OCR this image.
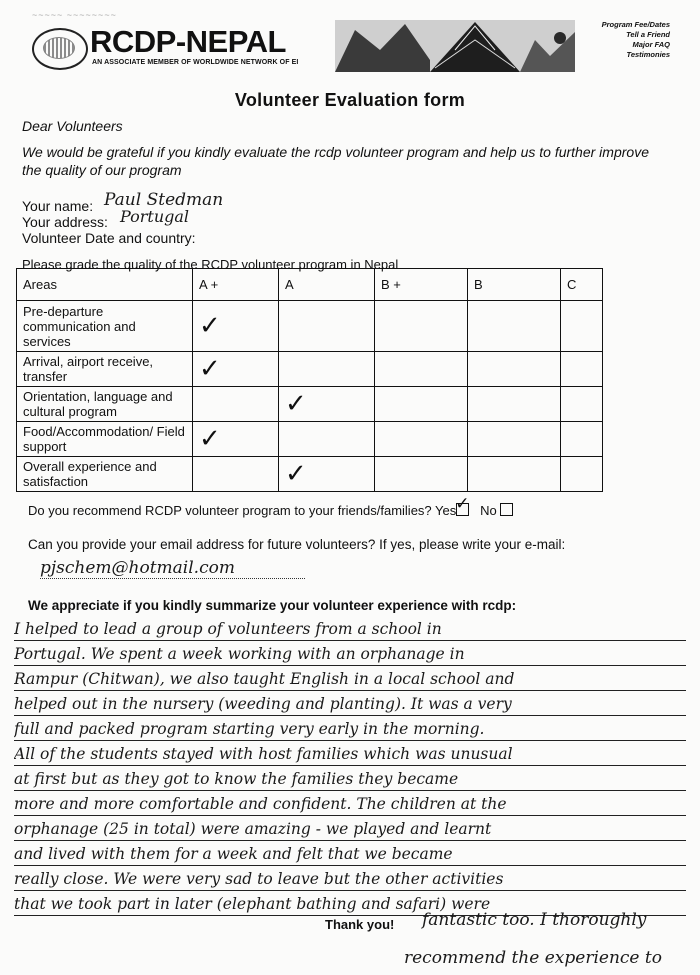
~~~~~ ~~~~~~~~
RCDP-NEPAL
AN ASSOCIATE MEMBER OF WORLDWIDE NETWORK OF EI
Program Fee/Dates
Tell a Friend
Major FAQ
Testimonies
Volunteer Evaluation form
Dear Volunteers
We would be grateful if you kindly evaluate the rcdp volunteer program and help us to further improve the quality of our program
Your name: Paul Stedman
Your address: Portugal
Volunteer Date and country:
Please grade the quality of the RCDP volunteer program in Nepal
Areas	A +	A	B +	B	C
Pre-departure communication and services	✓				
Arrival, airport receive, transfer	✓				
Orientation, language and cultural program		✓			
Food/Accommodation/ Field support	✓				
Overall experience and satisfaction		✓			
Do you recommend RCDP volunteer program to your friends/families? Yes ✓ No
Can you provide your email address for future volunteers? If yes, please write your e-mail:
pjschem@hotmail.com
We appreciate if you kindly summarize your volunteer experience with rcdp:
I helped to lead a group of volunteers from a school in
Portugal. We spent a week working with an orphanage in
Rampur (Chitwan), we also taught English in a local school and
helped out in the nursery (weeding and planting). It was a very
full and packed program starting very early in the morning.
All of the students stayed with host families which was unusual
at first but as they got to know the families they became
more and more comfortable and confident. The children at the
orphanage (25 in total) were amazing - we played and learnt
and lived with them for a week and felt that we became
really close. We were very sad to leave but the other activities
that we took part in later (elephant bathing and safari) were
Thank you! fantastic too. I thoroughly
recommend the experience to
